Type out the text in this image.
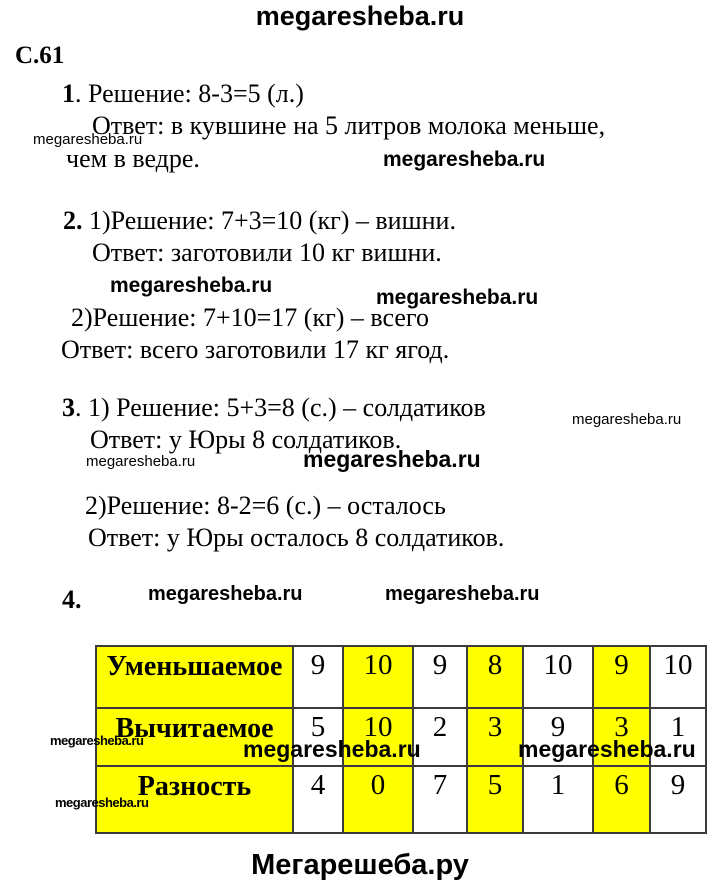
megaresheba.ru
megaresheba.ru
megaresheba.ru
megaresheba.ru
megaresheba.ru
megaresheba.ru
megaresheba.ru	megaresheba.ru
megaresheba.ru	megaresheba.ru
megaresheba.ru	megaresheba.ru	megaresheba.ru
megaresheba.ru
С.61
1. Решение: 8-3=5 (л.)
Ответ: в кувшине на 5 литров молока меньше,
чем в ведре.
2. 1)Решение: 7+3=10 (кг) – вишни.
Ответ: заготовили 10 кг вишни.
2)Решение: 7+10=17 (кг) – всего
Ответ: всего заготовили 17 кг ягод.
3. 1) Решение: 5+3=8 (с.) – солдатиков
Ответ: у Юры 8 солдатиков.
2)Решение: 8-2=6 (с.) – осталось
Ответ: у Юры осталось 8 солдатиков.
4.
Уменьшаемое	9	10	9	8	10	9	10
Вычитаемое	5	10	2	3	9	3	1
Разность	4	0	7	5	1	6	9
Мегарешеба.ру
